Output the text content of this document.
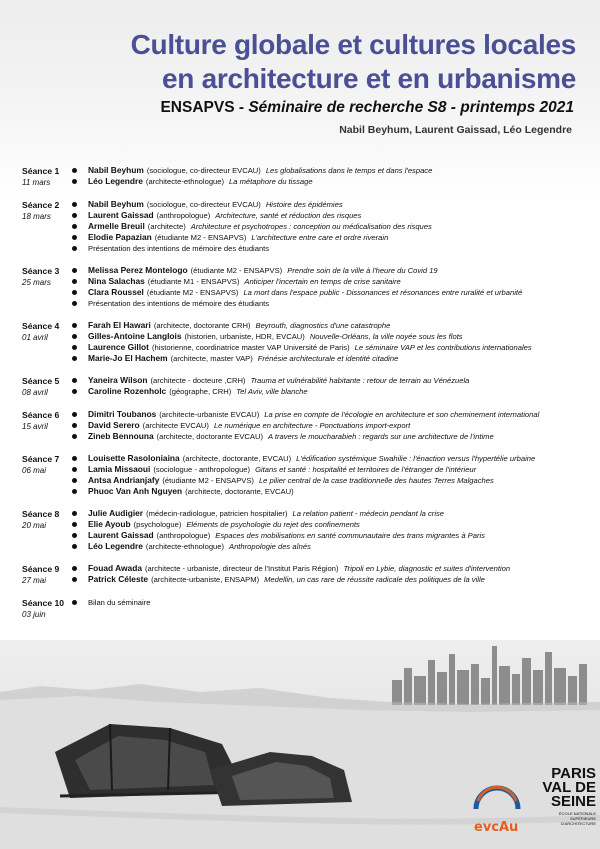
Culture globale et cultures locales
en architecture et en urbanisme
ENSAPVS - Séminaire de recherche S8 - printemps 2021
Nabil Beyhum, Laurent Gaissad, Léo Legendre
Séance 1
11 mars
Nabil Beyhum (sociologue, co-directeur EVCAU) Les globalisations dans le temps et dans l'espace
Léo Legendre (architecte-ethnologue) La métaphore du tissage
Séance 2
18 mars
Nabil Beyhum (sociologue, co-directeur EVCAU) Histoire des épidémies
Laurent Gaissad (anthropologue) Architecture, santé et réduction des risques
Armelle Breuil (architecte) Architecture et psychotropes : conception ou médicalisation des risques
Elodie Papazian (étudiante M2 - ENSAPVS) L'architecture entre care et ordre riverain
Présentation des intentions de mémoire des étudiants
Séance 3
25 mars
Melissa Perez Montelogo (étudiante M2 - ENSAPVS) Prendre soin de la ville à l'heure du Covid 19
Nina Salachas (étudiante M1 - ENSAPVS) Anticiper l'incertain en temps de crise sanitaire
Clara Roussel (étudiante M2 - ENSAPVS) La mort dans l'espace public - Dissonances et résonances entre ruralité et urbanité
Présentation des intentions de mémoire des étudiants
Séance 4
01 avril
Farah El Hawari (architecte, doctorante CRH) Beyrouth, diagnostics d'une catastrophe
Gilles-Antoine Langlois (historien, urbaniste, HDR, EVCAU) Nouvelle-Orléans, la ville noyée sous les flots
Laurence Gillot (historienne, coordinatrice master VAP Université de Paris) Le séminaire VAP et les contributions internationales
Marie-Jo El Hachem (architecte, master VAP) Frénésie architecturale et identité citadine
Séance 5
08 avril
Yaneira Wilson (architecte - docteure ,CRH) Trauma et vulnérabilité habitante : retour de terrain au Vénézuela
Caroline Rozenholc (géographe, CRH) Tel Aviv, ville blanche
Séance 6
15 avril
Dimitri Toubanos (architecte-urbaniste EVCAU) La prise en compte de l'écologie en architecture et son cheminement international
David Serero (architecte EVCAU) Le numérique en architecture - Ponctuations import-export
Zineb Bennouna (architecte, doctorante EVCAU) A travers le moucharabieh : regards sur une architecture de l'intime
Séance 7
06 mai
Louisette Rasoloniaina (architecte, doctorante, EVCAU) L'édification systémique Swahilie : l'énaction versus l'hypertélie urbaine
Lamia Missaoui (sociologue - anthropologue) Gitans et santé : hospitalité et territoires de l'étranger de l'intérieur
Antsa Andrianjafy (étudiante M2 - ENSAPVS) Le pilier central de la case traditionnelle des hautes Terres Malgaches
Phuoc Van Anh Nguyen (architecte, doctorante, EVCAU)
Séance 8
20 mai
Julie Audigier (médecin-radiologue, patricien hospitalier) La relation patient - médecin pendant la crise
Elie Ayoub (psychologue) Eléments de psychologie du rejet des confinements
Laurent Gaissad (anthropologue) Espaces des mobilisations en santé communautaire des trans migrantes à Paris
Léo Legendre (architecte-ethnologue) Anthropologie des aînés
Séance 9
27 mai
Fouad Awada (architecte - urbaniste, directeur de l'Institut Paris Région) Tripoli en Lybie, diagnostic et suites d'intervention
Patrick Céleste (architecte-urbaniste, ENSAPM) Medellin, un cas rare de réussite radicale des politiques de la ville
Séance 10
03 juin
Bilan du séminaire
evcAu
PARIS
VAL DE
SEINE
ÉCOLE NATIONALE SUPÉRIEURE D'ARCHITECTURE
